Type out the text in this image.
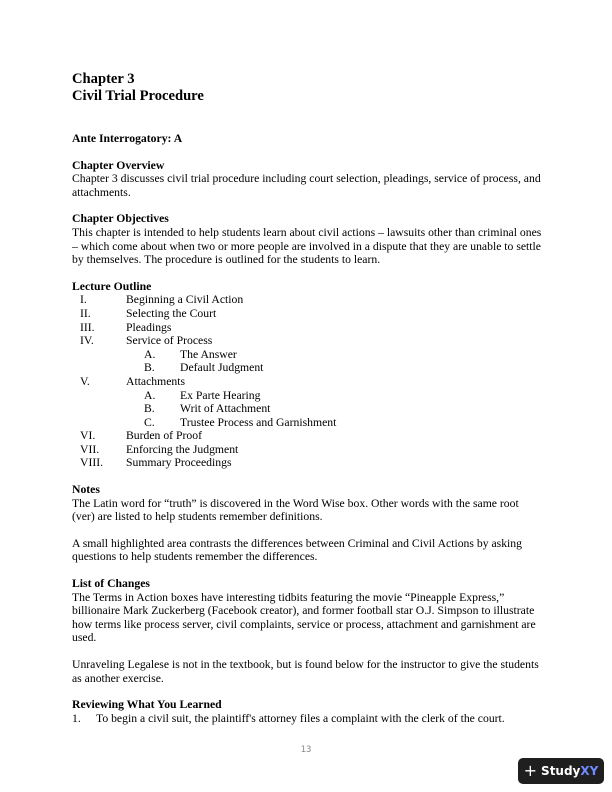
Chapter 3

Civil Trial Procedure

Ante Interrogatory: A

Chapter Overview

Chapter 3 discusses civil trial procedure including court selection, pleadings, service of process, and attachments.

Chapter Objectives

This chapter is intended to help students learn about civil actions – lawsuits other than criminal ones – which come about when two or more people are involved in a dispute that they are unable to settle by themselves. The procedure is outlined for the students to learn.

Lecture Outline

I.	Beginning a Civil Action
II.	Selecting the Court
III.	Pleadings
IV.	Service of Process
A. The Answer
B. Default Judgment
V.	Attachments
A. Ex Parte Hearing
B. Writ of Attachment
C. Trustee Process and Garnishment
VI.	Burden of Proof
VII. Enforcing the Judgment
VIII. Summary Proceedings

Notes

The Latin word for “truth” is discovered in the Word Wise box. Other words with the same root (ver) are listed to help students remember definitions.

A small highlighted area contrasts the differences between Criminal and Civil Actions by asking questions to help students remember the differences.

List of Changes

The Terms in Action boxes have interesting tidbits featuring the movie “Pineapple Express,” billionaire Mark Zuckerberg (Facebook creator), and former football star O.J. Simpson to illustrate how terms like process server, civil complaints, service or process, attachment and garnishment are used.

Unraveling Legalese is not in the textbook, but is found below for the instructor to give the students as another exercise.

Reviewing What You Learned

1. To begin a civil suit, the plaintiff's attorney files a complaint with the clerk of the court.

13
+ StudyXY
